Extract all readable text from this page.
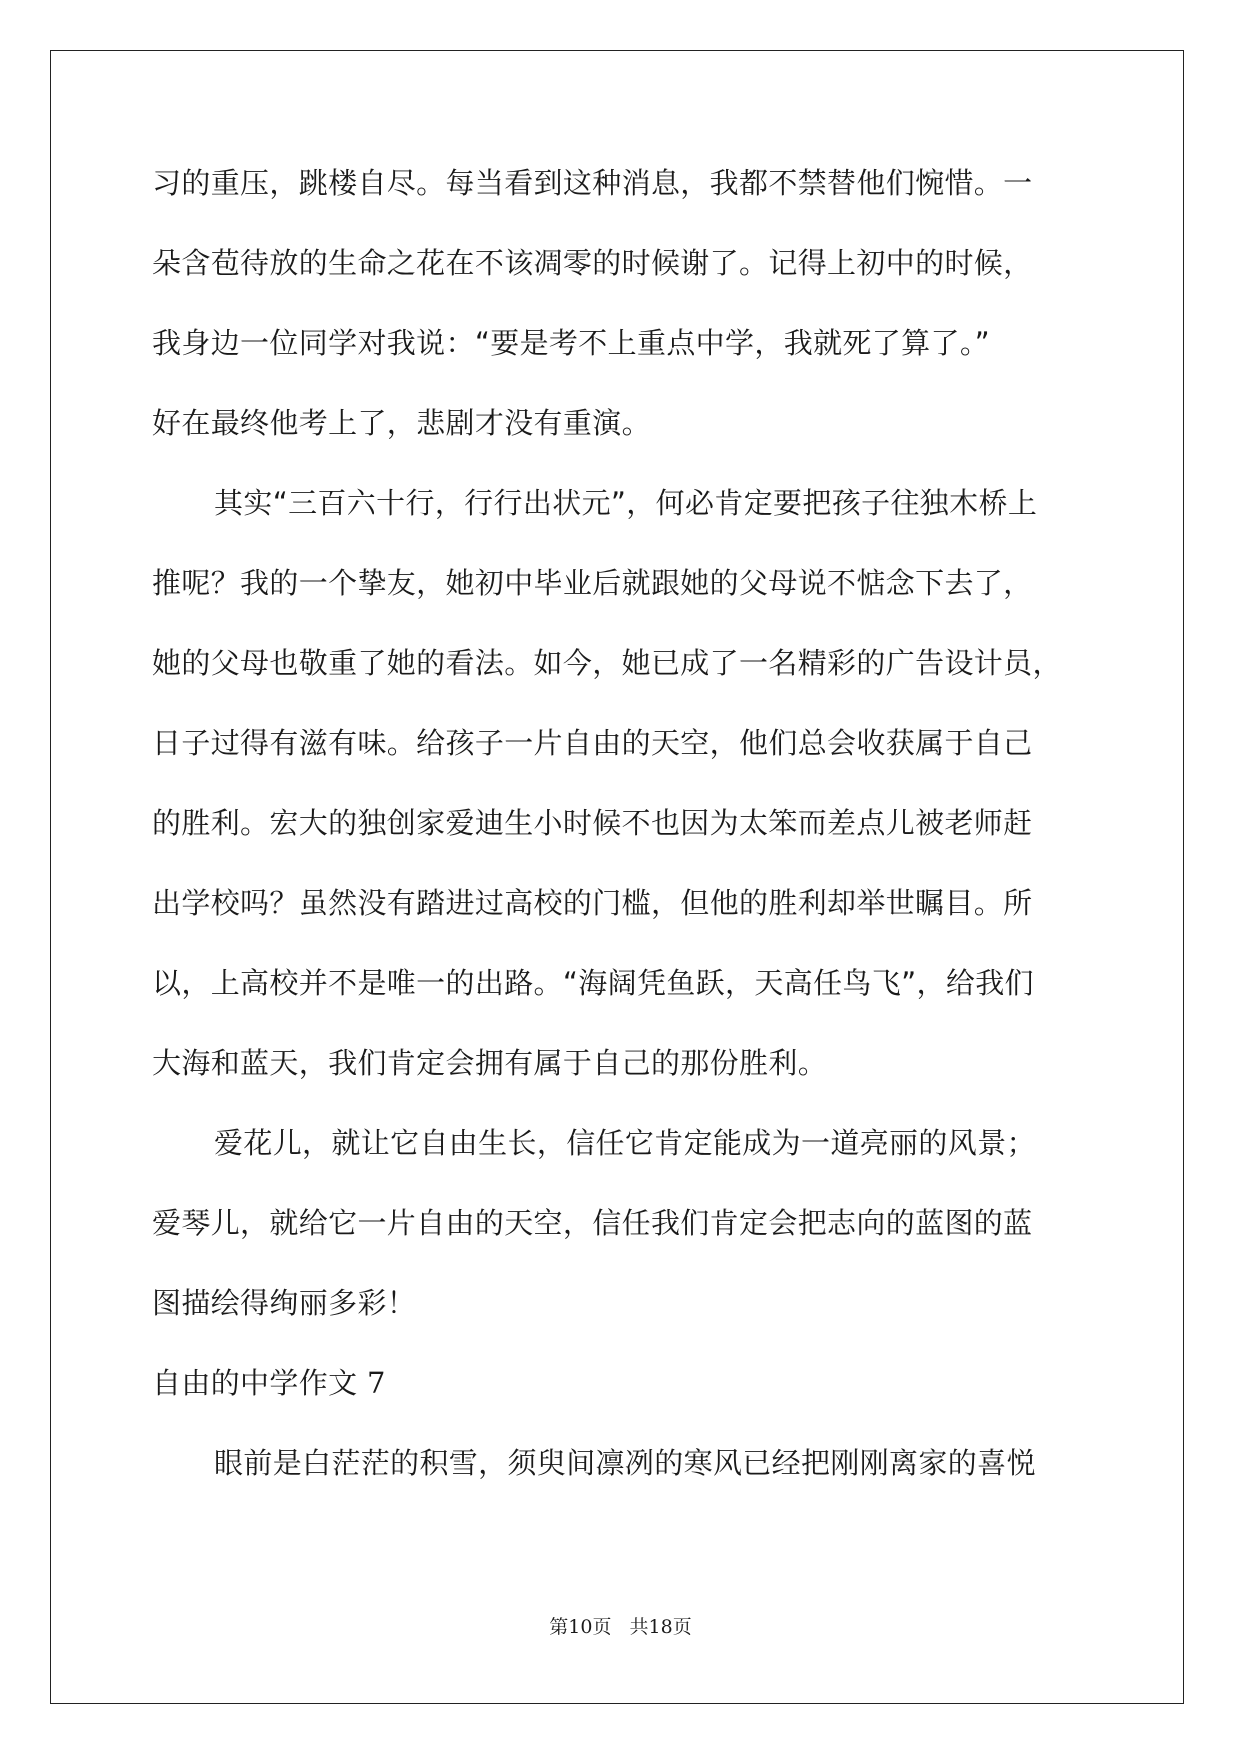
习的重压，跳楼自尽。每当看到这种消息，我都不禁替他们惋惜。一
朵含苞待放的生命之花在不该凋零的时候谢了。记得上初中的时候，
我身边一位同学对我说：“要是考不上重点中学，我就死了算了。”
好在最终他考上了，悲剧才没有重演。
其实“三百六十行，行行出状元”，何必肯定要把孩子往独木桥上
推呢？我的一个挚友，她初中毕业后就跟她的父母说不惦念下去了，
她的父母也敬重了她的看法。如今，她已成了一名精彩的广告设计员，
日子过得有滋有味。给孩子一片自由的天空，他们总会收获属于自己
的胜利。宏大的独创家爱迪生小时候不也因为太笨而差点儿被老师赶
出学校吗？虽然没有踏进过高校的门槛，但他的胜利却举世瞩目。所
以，上高校并不是唯一的出路。“海阔凭鱼跃，天高任鸟飞”，给我们
大海和蓝天，我们肯定会拥有属于自己的那份胜利。
爱花儿，就让它自由生长，信任它肯定能成为一道亮丽的风景；
爱琴儿，就给它一片自由的天空，信任我们肯定会把志向的蓝图的蓝
图描绘得绚丽多彩！
自由的中学作文 7
眼前是白茫茫的积雪，须臾间凛冽的寒风已经把刚刚离家的喜悦
第10页 共18页
